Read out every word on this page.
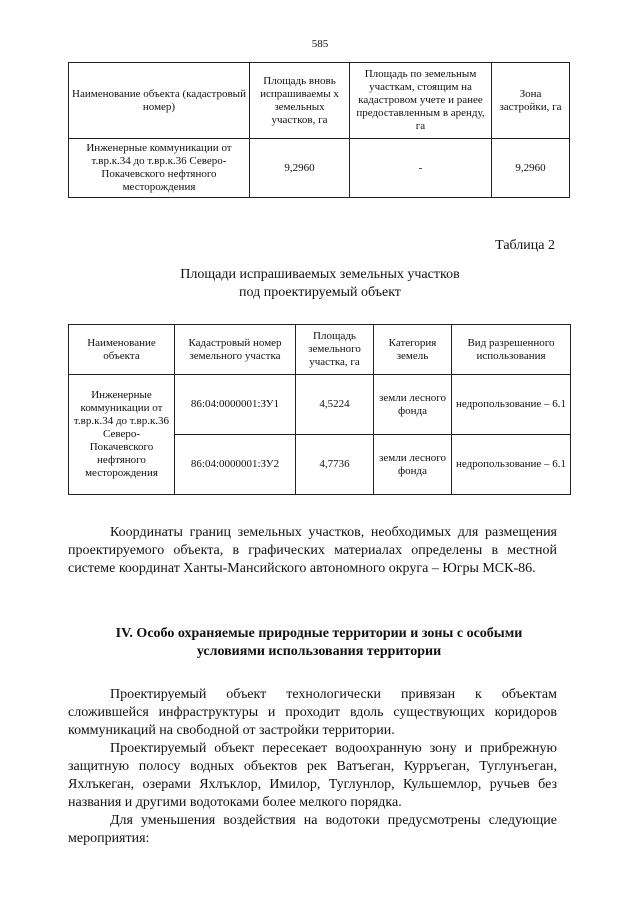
585
Наименование объекта (кадастровый номер)	Площадь вновь испрашиваемы х земельных участков, га	Площадь по земельным участкам, стоящим на кадастровом учете и ранее предоставленным в аренду, га	Зона застройки, га
Инженерные коммуникации от т.вр.к.34 до т.вр.к.36 Северо-Покачевского нефтяного месторождения	9,2960	-	9,2960
Таблица 2
Площади испрашиваемых земельных участков
под проектируемый объект
Наименование объекта	Кадастровый номер земельного участка	Площадь земельного участка, га	Категория земель	Вид разрешенного использования
Инженерные коммуникации от т.вр.к.34 до т.вр.к.36 Северо-Покачевского нефтяного месторождения	86:04:0000001:ЗУ1	4,5224	земли лесного фонда	недропользование – 6.1
	86:04:0000001:ЗУ2	4,7736	земли лесного фонда	недропользование – 6.1

Координаты границ земельных участков, необходимых для размещения проектируемого объекта, в графических материалах определены в местной системе координат Ханты-Мансийского автономного округа – Югры МСК-86.

IV. Особо охраняемые природные территории и зоны с особыми
условиями использования территории

Проектируемый объект технологически привязан к объектам сложившейся инфраструктуры и проходит вдоль существующих коридоров коммуникаций на свободной от застройки территории.

Проектируемый объект пересекает водоохранную зону и прибрежную защитную полосу водных объектов рек Ватъеган, Курръеган, Туглунъеган, Яхлъкеган, озерами Яхлъклор, Имилор, Туглунлор, Кульшемлор, ручьев без названия и другими водотоками более мелкого порядка.

Для уменьшения воздействия на водотоки предусмотрены следующие мероприятия:
